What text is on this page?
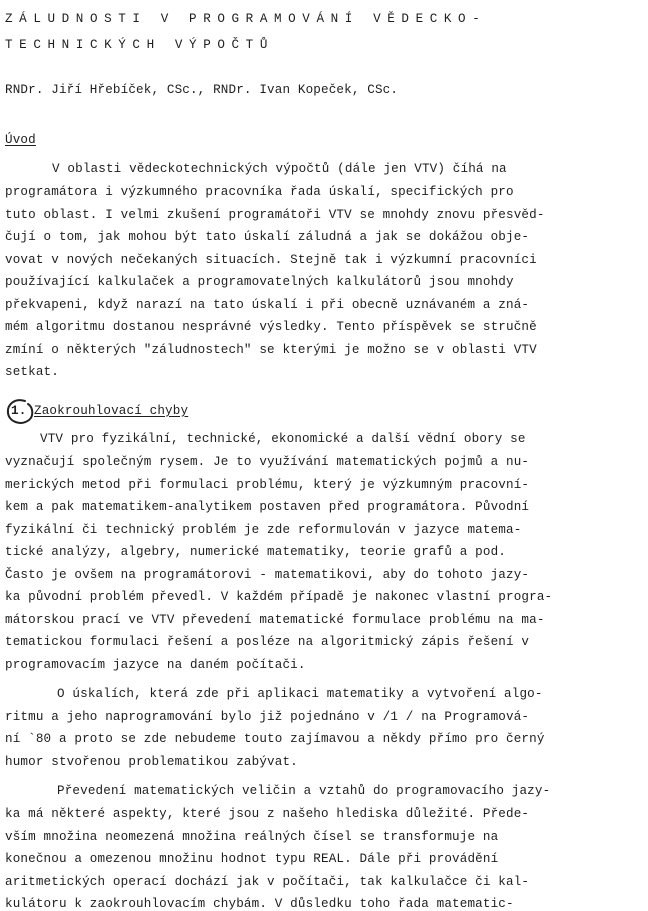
ZÁLUDNOSTI V PROGRAMOVÁNÍ VĚDECKO-
TECHNICKÝCH VÝPOČTŮ
RNDr. Jiří Hřebíček, CSc., RNDr. Ivan Kopeček, CSc.
Úvod
V oblasti vědeckotechnických výpočtů (dále jen VTV) číhá na
programátora i výzkumného pracovníka řada úskalí, specifických pro
tuto oblast. I velmi zkušení programátoři VTV se mnohdy znovu přesvěd-
čují o tom, jak mohou být tato úskalí záludná a jak se dokážou obje-
vovat v nových nečekaných situacích. Stejně tak i výzkumní pracovníci
používající kalkulaček a programovatelných kalkulátorů jsou mnohdy
překvapeni, když narazí na tato úskalí i při obecně uznávaném a zná-
mém algoritmu dostanou nesprávné výsledky. Tento příspěvek se stručně
zmíní o některých "záludnostech" se kterými je možno se v oblasti VTV
setkat.
1. Zaokrouhlovací chyby
VTV pro fyzikální, technické, ekonomické a další vědní obory se
vyznačují společným rysem. Je to využívání matematických pojmů a nu-
merických metod při formulaci problému, který je výzkumným pracovní-
kem a pak matematikem-analytikem postaven před programátora. Původní
fyzikální či technický problém je zde reformulován v jazyce matema-
tické analýzy, algebry, numerické matematiky, teorie grafů a pod.
Často je ovšem na programátorovi - matematikovi, aby do tohoto jazy-
ka původní problém převedl. V každém případě je nakonec vlastní progra-
mátorskou prací ve VTV převedení matematické formulace problému na ma-
tematickou formulaci řešení a posléze na algoritmický zápis řešení v
programovacím jazyce na daném počítači.
O úskalích, která zde při aplikaci matematiky a vytvoření algo-
ritmu a jeho naprogramování bylo již pojednáno v /1 / na Programová-
ní `80 a proto se zde nebudeme touto zajímavou a někdy přímo pro černý
humor stvořenou problematikou zabývat.
Převedení matematických veličin a vztahů do programovacího jazy-
ka má některé aspekty, které jsou z našeho hlediska důležité. Přede-
vším množina neomezená množina reálných čísel se transformuje na
konečnou a omezenou množinu hodnot typu REAL. Dále při provádění
aritmetických operací dochází jak v počítači, tak kalkulačce či kal-
kulátoru k zaokrouhlovacím chybám. V důsledku toho řada matematic-
